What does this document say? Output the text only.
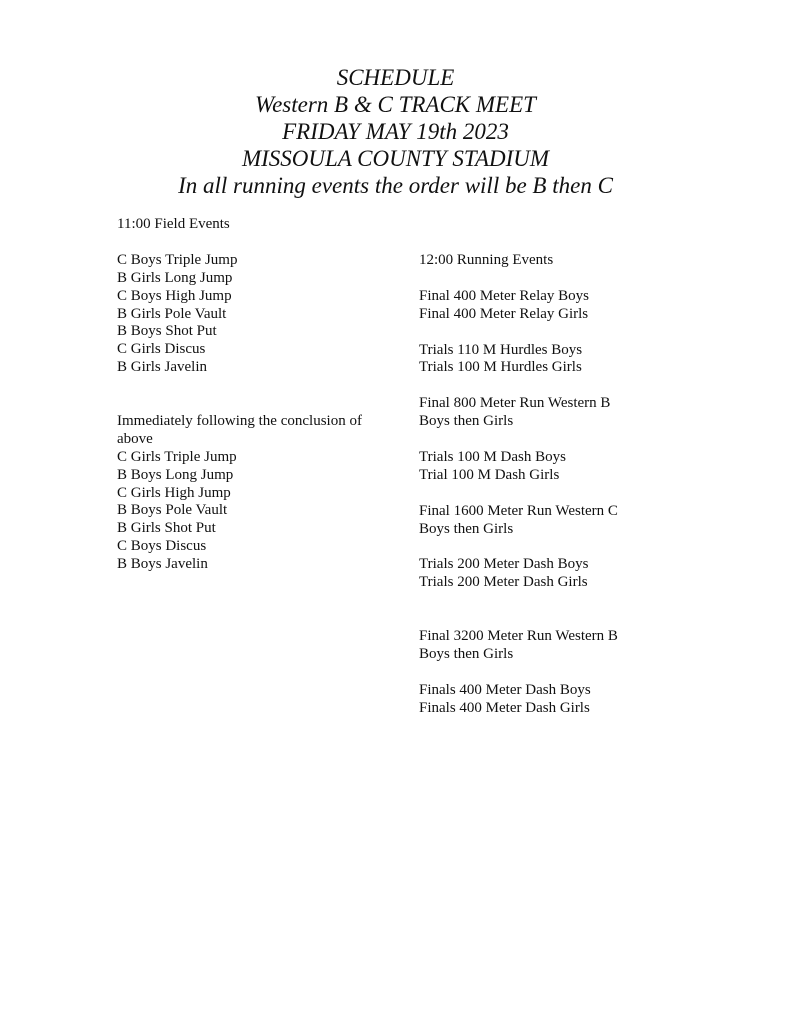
SCHEDULE
Western B & C TRACK MEET
FRIDAY MAY 19th 2023
MISSOULA COUNTY STADIUM
In all running events the order will be B then C
11:00 Field Events
C Boys Triple Jump
B Girls Long Jump
C Boys High Jump
B Girls Pole Vault
B Boys Shot Put
C Girls Discus
B Girls Javelin
Immediately following the conclusion of above
C Girls Triple Jump
B Boys Long Jump
C Girls High Jump
B Boys Pole Vault
B Girls Shot Put
C Boys Discus
B Boys Javelin
12:00 Running Events
Final 400 Meter Relay Boys
Final 400 Meter Relay Girls
Trials 110 M Hurdles Boys
Trials 100 M Hurdles Girls
Final 800 Meter Run Western B
Boys then Girls
Trials 100 M Dash Boys
Trial 100 M Dash Girls
Final 1600 Meter Run Western C
Boys then Girls
Trials 200 Meter Dash Boys
Trials 200 Meter Dash Girls
Final 3200 Meter Run Western B
Boys then Girls
Finals 400 Meter Dash Boys
Finals 400 Meter Dash Girls
